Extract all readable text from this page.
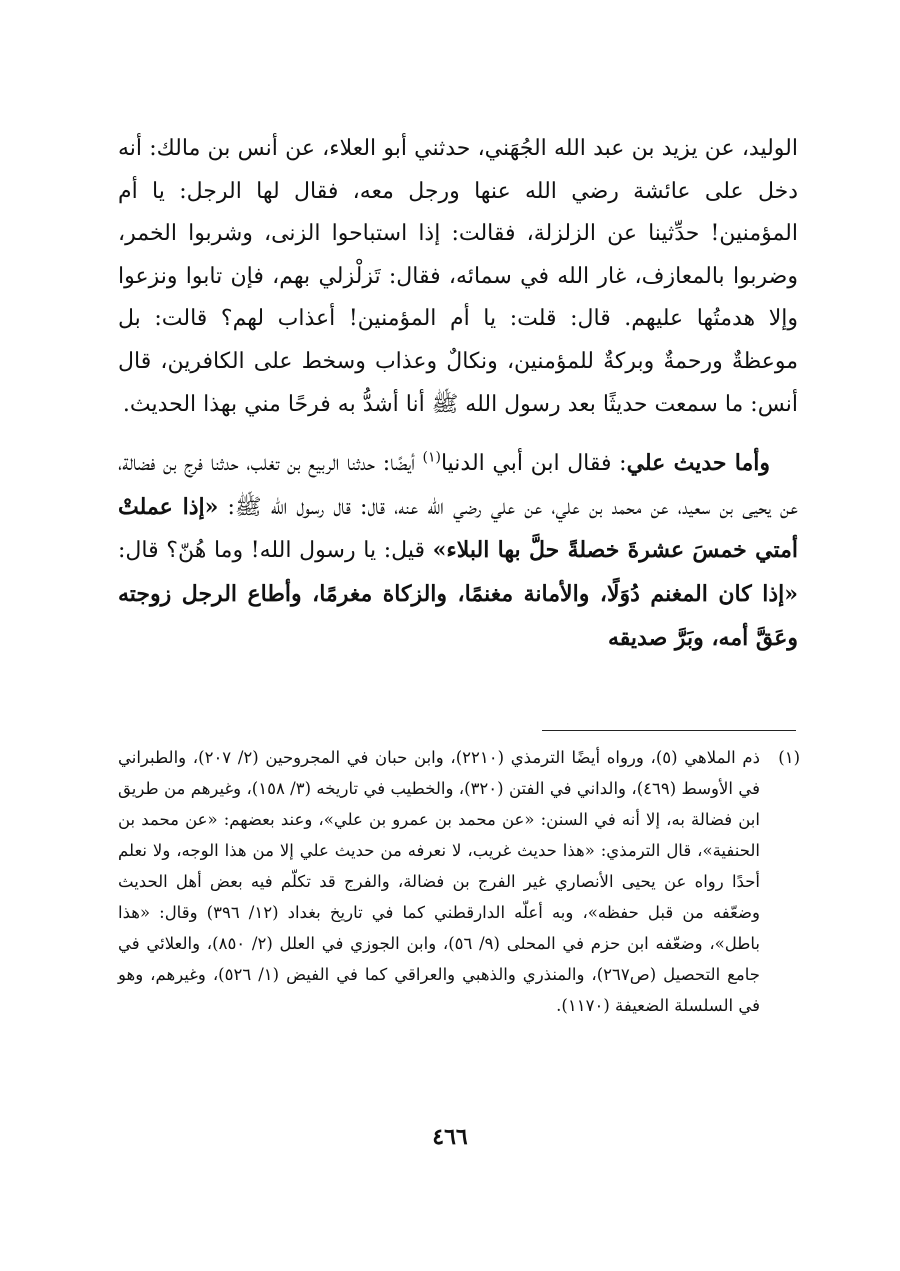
الوليد، عن يزيد بن عبد الله الجُهَني، حدثني أبو العلاء، عن أنس بن مالك: أنه دخل على عائشة رضي الله عنها ورجل معه، فقال لها الرجل: يا أم المؤمنين! حدِّثينا عن الزلزلة، فقالت: إذا استباحوا الزنى، وشربوا الخمر، وضربوا بالمعازف، غار الله في سمائه، فقال: تَزلْزلي بهم، فإن تابوا ونزعوا وإلا هدمتُها عليهم. قال: قلت: يا أم المؤمنين! أعذاب لهم؟ قالت: بل موعظةٌ ورحمةٌ وبركةٌ للمؤمنين، ونكالٌ وعذاب وسخط على الكافرين، قال أنس: ما سمعت حديثًا بعد رسول الله ﷺ أنا أشدُّ به فرحًا مني بهذا الحديث.

وأما حديث علي: فقال ابن أبي الدنيا$^{(١)}$ أيضًا: حدثنا الربيع بن تغلب، حدثنا فرج بن فضالة، عن يحيى بن سعيد، عن محمد بن علي، عن علي رضي الله عنه، قال: قال رسول الله ﷺ: «إذا عملتْ أمتي خمسَ عشرةَ خصلةً حلَّ بها البلاء» قيل: يا رسول الله! وما هُنّ؟ قال: «إذا كان المغنم دُوَلًا، والأمانة مغنمًا، والزكاة مغرمًا، وأطاع الرجل زوجته وعَقَّ أمه، وبَرَّ صديقه

(١)
ذم الملاهي (٥)، ورواه أيضًا الترمذي (٢٢١٠)، وابن حبان في المجروحين (٢/ ٢٠٧)، والطبراني في الأوسط (٤٦٩)، والداني في الفتن (٣٢٠)، والخطيب في تاريخه (٣/ ١٥٨)، وغيرهم من طريق ابن فضالة به، إلا أنه في السنن: «عن محمد بن عمرو بن علي»، وعند بعضهم: «عن محمد بن الحنفية»، قال الترمذي: «هذا حديث غريب، لا نعرفه من حديث علي إلا من هذا الوجه، ولا نعلم أحدًا رواه عن يحيى الأنصاري غير الفرج بن فضالة، والفرج قد تكلّم فيه بعض أهل الحديث وضعّفه من قبل حفظه»، وبه أعلّه الدارقطني كما في تاريخ بغداد (١٢/ ٣٩٦) وقال: «هذا باطل»، وضعّفه ابن حزم في المحلى (٩/ ٥٦)، وابن الجوزي في العلل (٢/ ٨٥٠)، والعلائي في جامع التحصيل (ص٢٦٧)، والمنذري والذهبي والعراقي كما في الفيض (١/ ٥٢٦)، وغيرهم، وهو في السلسلة الضعيفة (١١٧٠).
٤٦٦
